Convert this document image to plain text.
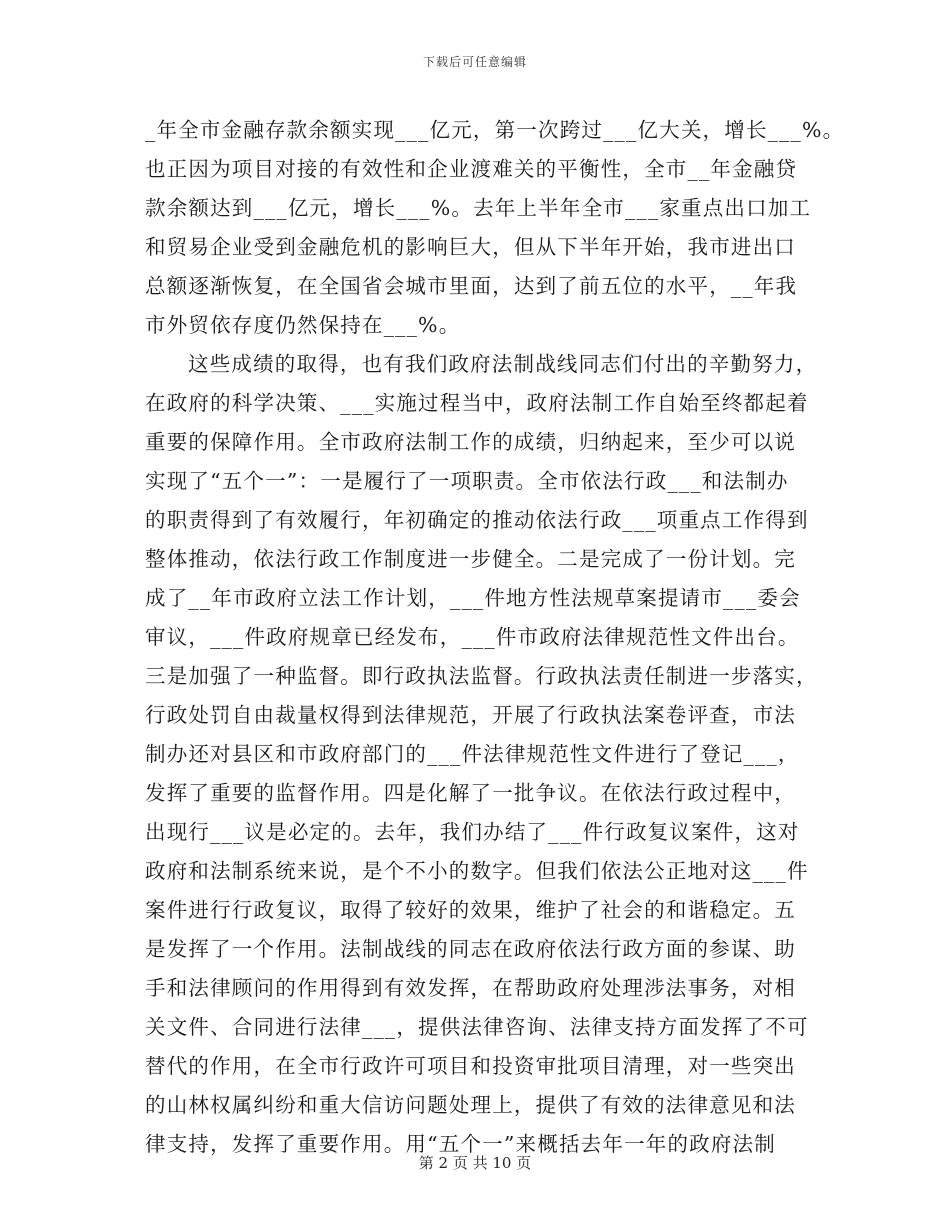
下载后可任意编辑
_年全市金融存款余额实现___亿元，第一次跨过___亿大关，增长___%。
也正因为项目对接的有效性和企业渡难关的平衡性，全市__年金融贷
款余额达到___亿元，增长___%。去年上半年全市___家重点出口加工
和贸易企业受到金融危机的影响巨大，但从下半年开始，我市进出口
总额逐渐恢复，在全国省会城市里面，达到了前五位的水平，__年我
市外贸依存度仍然保持在___%。
这些成绩的取得，也有我们政府法制战线同志们付出的辛勤努力，
在政府的科学决策、___实施过程当中，政府法制工作自始至终都起着
重要的保障作用。全市政府法制工作的成绩，归纳起来，至少可以说
实现了“五个一”：一是履行了一项职责。全市依法行政___和法制办
的职责得到了有效履行，年初确定的推动依法行政___项重点工作得到
整体推动，依法行政工作制度进一步健全。二是完成了一份计划。完
成了__年市政府立法工作计划，___件地方性法规草案提请市___委会
审议，___件政府规章已经发布，___件市政府法律规范性文件出台。
三是加强了一种监督。即行政执法监督。行政执法责任制进一步落实，
行政处罚自由裁量权得到法律规范，开展了行政执法案卷评查，市法
制办还对县区和市政府部门的___件法律规范性文件进行了登记___，
发挥了重要的监督作用。四是化解了一批争议。在依法行政过程中，
出现行___议是必定的。去年，我们办结了___件行政复议案件，这对
政府和法制系统来说，是个不小的数字。但我们依法公正地对这___件
案件进行行政复议，取得了较好的效果，维护了社会的和谐稳定。五
是发挥了一个作用。法制战线的同志在政府依法行政方面的参谋、助
手和法律顾问的作用得到有效发挥，在帮助政府处理涉法事务，对相
关文件、合同进行法律___，提供法律咨询、法律支持方面发挥了不可
替代的作用，在全市行政许可项目和投资审批项目清理，对一些突出
的山林权属纠纷和重大信访问题处理上，提供了有效的法律意见和法
律支持，发挥了重要作用。用“五个一”来概括去年一年的政府法制
第 2 页 共 10 页
